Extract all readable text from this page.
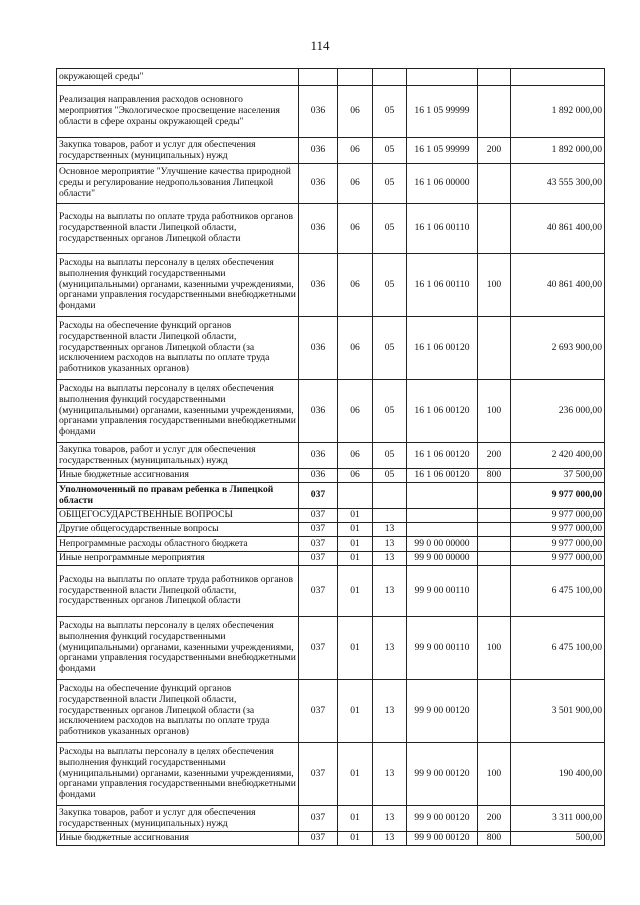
114
окружающей среды"						
Реализация направления расходов основного мероприятия "Экологическое просвещение населения области в сфере охраны окружающей среды"	036	06	05	16 1 05 99999		1 892 000,00
Закупка товаров, работ и услуг для обеспечения государственных (муниципальных) нужд	036	06	05	16 1 05 99999	200	1 892 000,00
Основное мероприятие "Улучшение качества природной среды и регулирование недропользования Липецкой области"	036	06	05	16 1 06 00000		43 555 300,00
Расходы на выплаты по оплате труда работников органов государственной власти Липецкой области, государственных органов Липецкой области	036	06	05	16 1 06 00110		40 861 400,00
Расходы на выплаты персоналу в целях обеспечения выполнения функций государственными (муниципальными) органами, казенными учреждениями, органами управления государственными внебюджетными фондами	036	06	05	16 1 06 00110	100	40 861 400,00
Расходы на обеспечение функций органов государственной власти Липецкой области, государственных органов Липецкой области (за исключением расходов на выплаты по оплате труда работников указанных органов)	036	06	05	16 1 06 00120		2 693 900,00
Расходы на выплаты персоналу в целях обеспечения выполнения функций государственными (муниципальными) органами, казенными учреждениями, органами управления государственными внебюджетными фондами	036	06	05	16 1 06 00120	100	236 000,00
Закупка товаров, работ и услуг для обеспечения государственных (муниципальных) нужд	036	06	05	16 1 06 00120	200	2 420 400,00
Иные бюджетные ассигнования	036	06	05	16 1 06 00120	800	37 500,00
Уполномоченный по правам ребенка в Липецкой области	037					9 977 000,00
ОБЩЕГОСУДАРСТВЕННЫЕ ВОПРОСЫ	037	01				9 977 000,00
Другие общегосударственные вопросы	037	01	13			9 977 000,00
Непрограммные расходы областного бюджета	037	01	13	99 0 00 00000		9 977 000,00
Иные непрограммные мероприятия	037	01	13	99 9 00 00000		9 977 000,00
Расходы на выплаты по оплате труда работников органов государственной власти Липецкой области, государственных органов Липецкой области	037	01	13	99 9 00 00110		6 475 100,00
Расходы на выплаты персоналу в целях обеспечения выполнения функций государственными (муниципальными) органами, казенными учреждениями, органами управления государственными внебюджетными фондами	037	01	13	99 9 00 00110	100	6 475 100,00
Расходы на обеспечение функций органов государственной власти Липецкой области, государственных органов Липецкой области (за исключением расходов на выплаты по оплате труда работников указанных органов)	037	01	13	99 9 00 00120		3 501 900,00
Расходы на выплаты персоналу в целях обеспечения выполнения функций государственными (муниципальными) органами, казенными учреждениями, органами управления государственными внебюджетными фондами	037	01	13	99 9 00 00120	100	190 400,00
Закупка товаров, работ и услуг для обеспечения государственных (муниципальных) нужд	037	01	13	99 9 00 00120	200	3 311 000,00
Иные бюджетные ассигнования	037	01	13	99 9 00 00120	800	500,00
